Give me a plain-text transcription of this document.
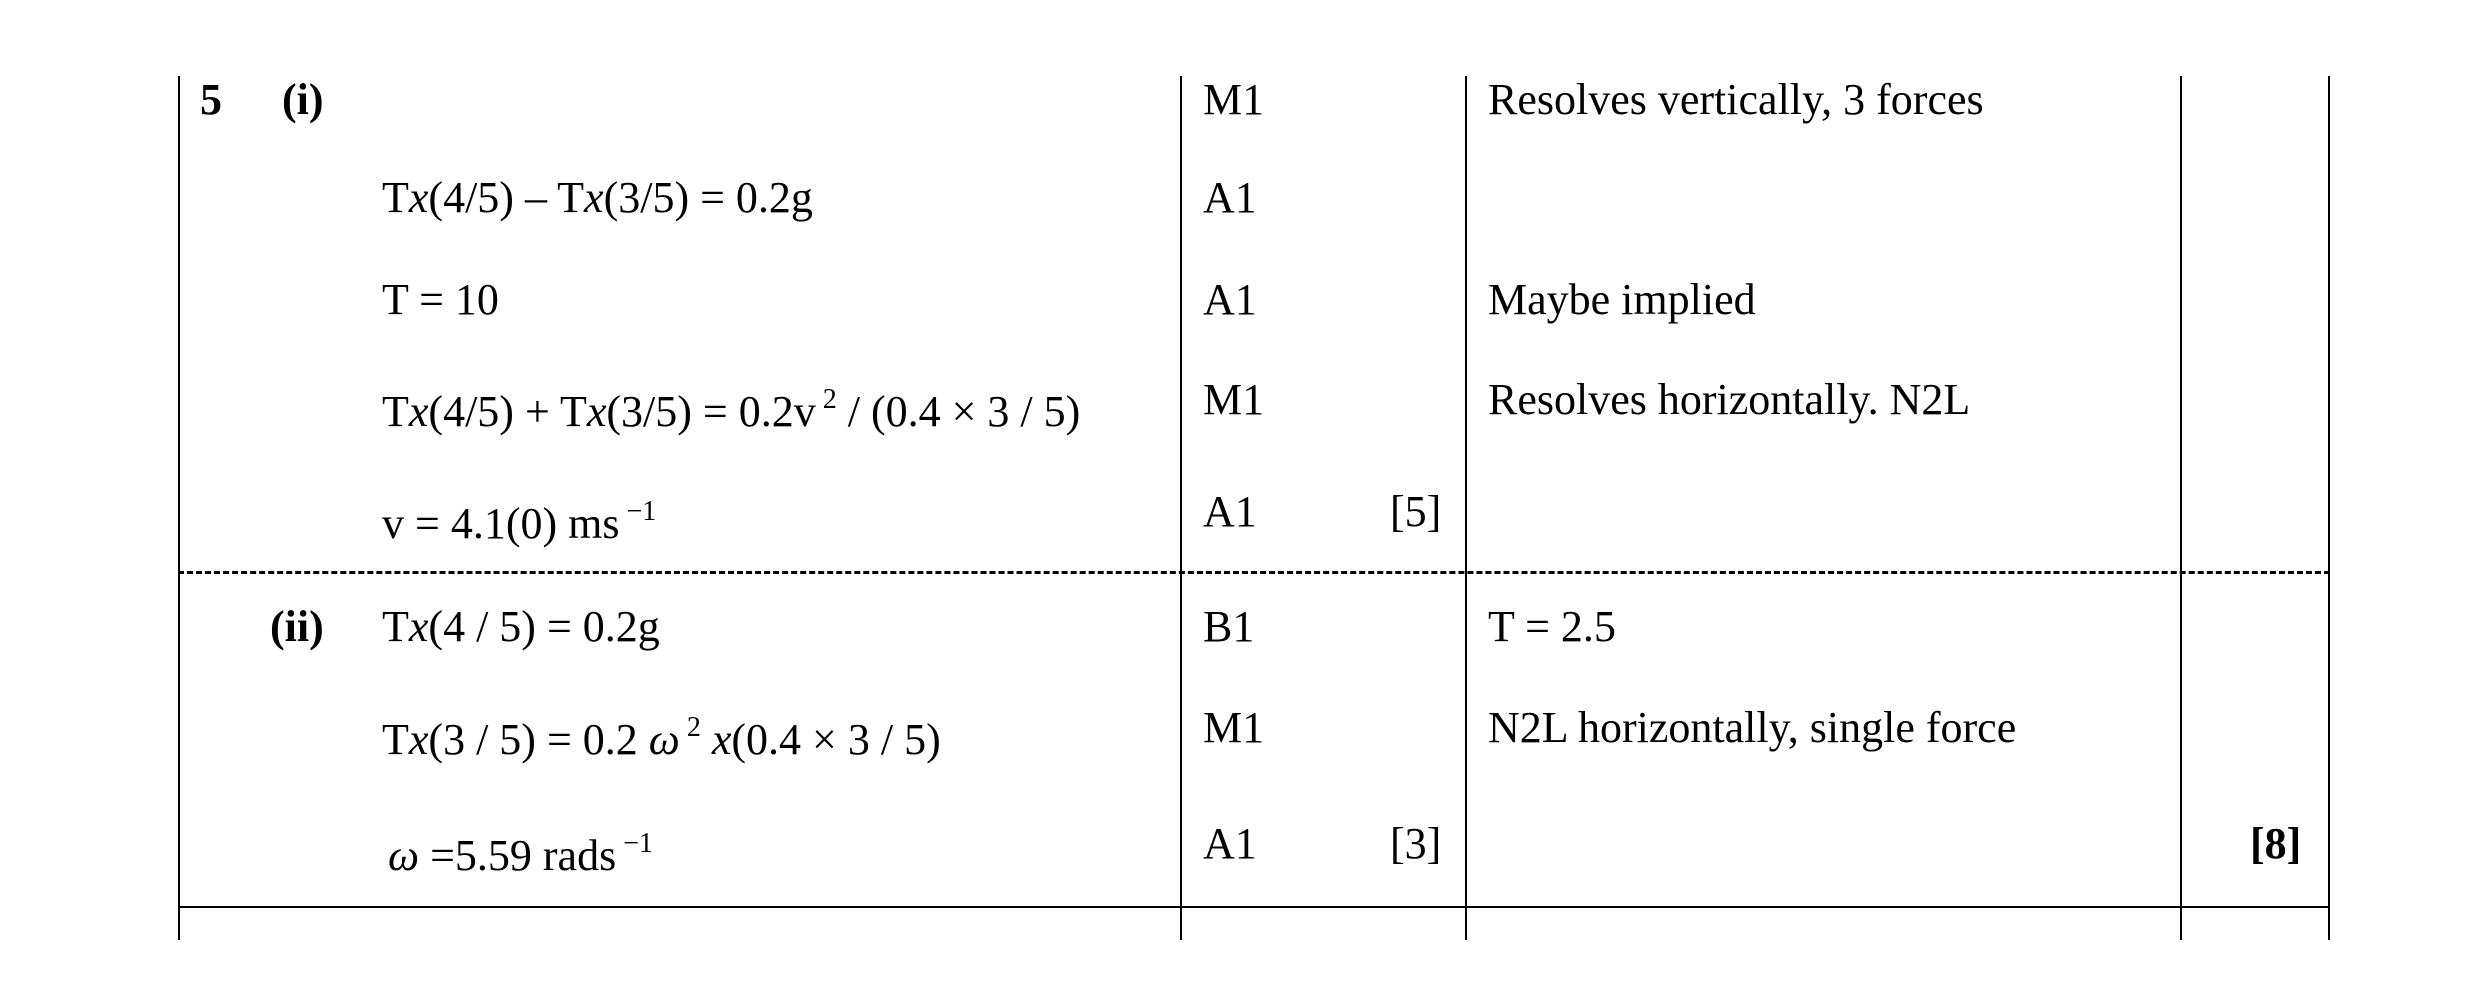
5 (i)
(ii)
Tx(4/5) – Tx(3/5) = 0.2g
T = 10
Tx(4/5) + Tx(3/5) = 0.2v $^2$ / (0.4 × 3 / 5)
v = 4.1(0) ms $^{-1}$
M1
A1
A1
M1
A1	[5]
Resolves vertically, 3 forces
Maybe implied
Resolves horizontally. N2L
Tx(4 / 5) = 0.2g
Tx(3 / 5) = 0.2 ω $^2$ x(0.4 × 3 / 5)
ω =5.59 rads $^{-1}$
B1
M1
A1	[3]
T = 2.5
N2L horizontally, single force
[8]
